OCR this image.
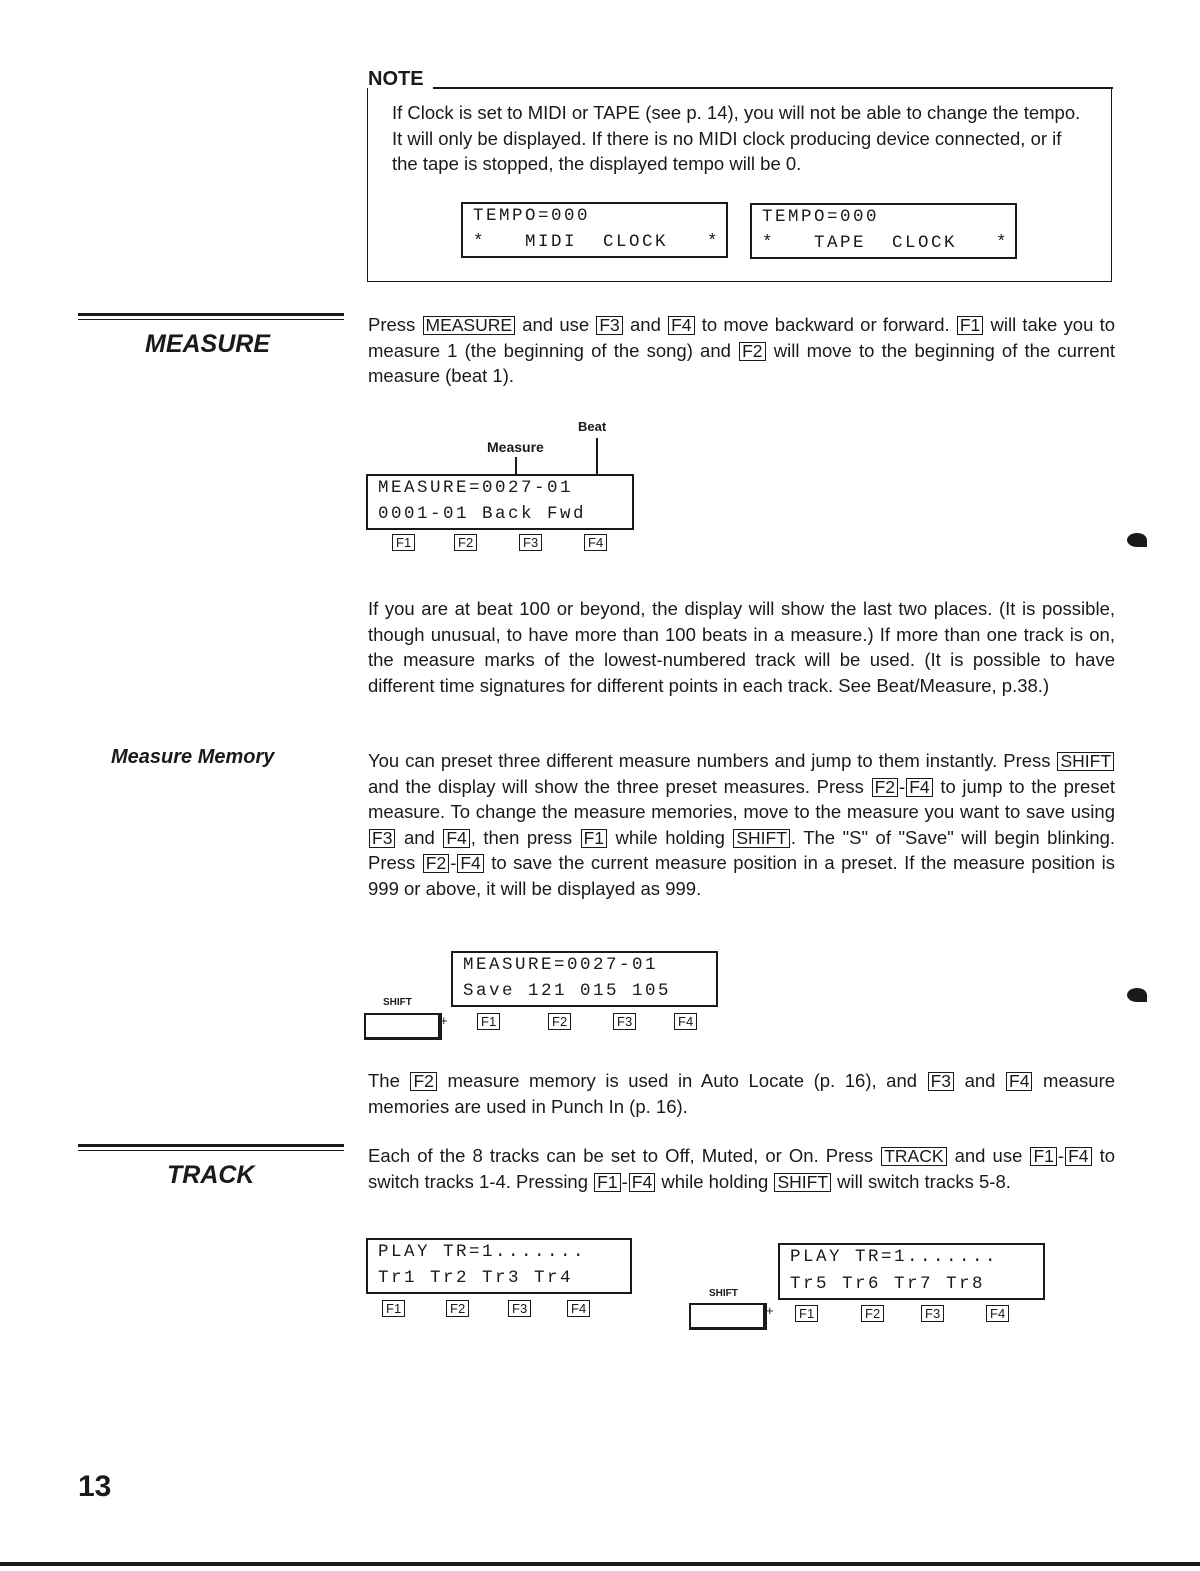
NOTE

If Clock is set to MIDI or TAPE (see p. 14), you will not be able to change the tempo. It will only be displayed. If there is no MIDI clock producing device connected, or if the tape is stopped, the displayed tempo will be 0.

TEMPO=000
*   MIDI  CLOCK   *
TEMPO=000
*   TAPE  CLOCK   *
MEASURE

Press MEASURE and use F3 and F4 to move backward or forward. F1 will take you to measure 1 (the beginning of the song) and F2 will move to the beginning of the current measure (beat 1).

Beat
Measure
MEASURE=0027-01
0001-01 Back Fwd
F1	F2	F3	F4

If you are at beat 100 or beyond, the display will show the last two places. (It is possible, though unusual, to have more than 100 beats in a measure.) If more than one track is on, the measure marks of the lowest-numbered track will be used. (It is possible to have different time signatures for different points in each track. See Beat/Measure, p.38.)

Measure Memory	You can preset three different measure numbers and jump to them instantly. Press SHIFT and the display will show the three preset measures. Press F2 - F4 to jump to the preset measure. To change the measure memories, move to the measure you want to save using F3 and F4 , then press F1 while holding SHIFT . The "S" of "Save" will begin blinking. Press F2 - F4 to save the current measure position in a preset. If the measure position is 999 or above, it will be displayed as 999.

MEASURE=0027-01
Save 121 015 105
SHIFT
+	F1	F2	F3	F4

The F2 measure memory is used in Auto Locate (p. 16), and F3 and F4 measure memories are used in Punch In (p. 16).

TRACK

Each of the 8 tracks can be set to Off, Muted, or On. Press TRACK and use F1 - F4 to switch tracks 1-4. Pressing F1 - F4 while holding SHIFT will switch tracks 5-8.

PLAY TR=1.......
Tr1 Tr2 Tr3 Tr4
F1	F2	F3	F4
PLAY TR=1.......
Tr5 Tr6 Tr7 Tr8
SHIFT
+	F1	F2	F3	F4
13
